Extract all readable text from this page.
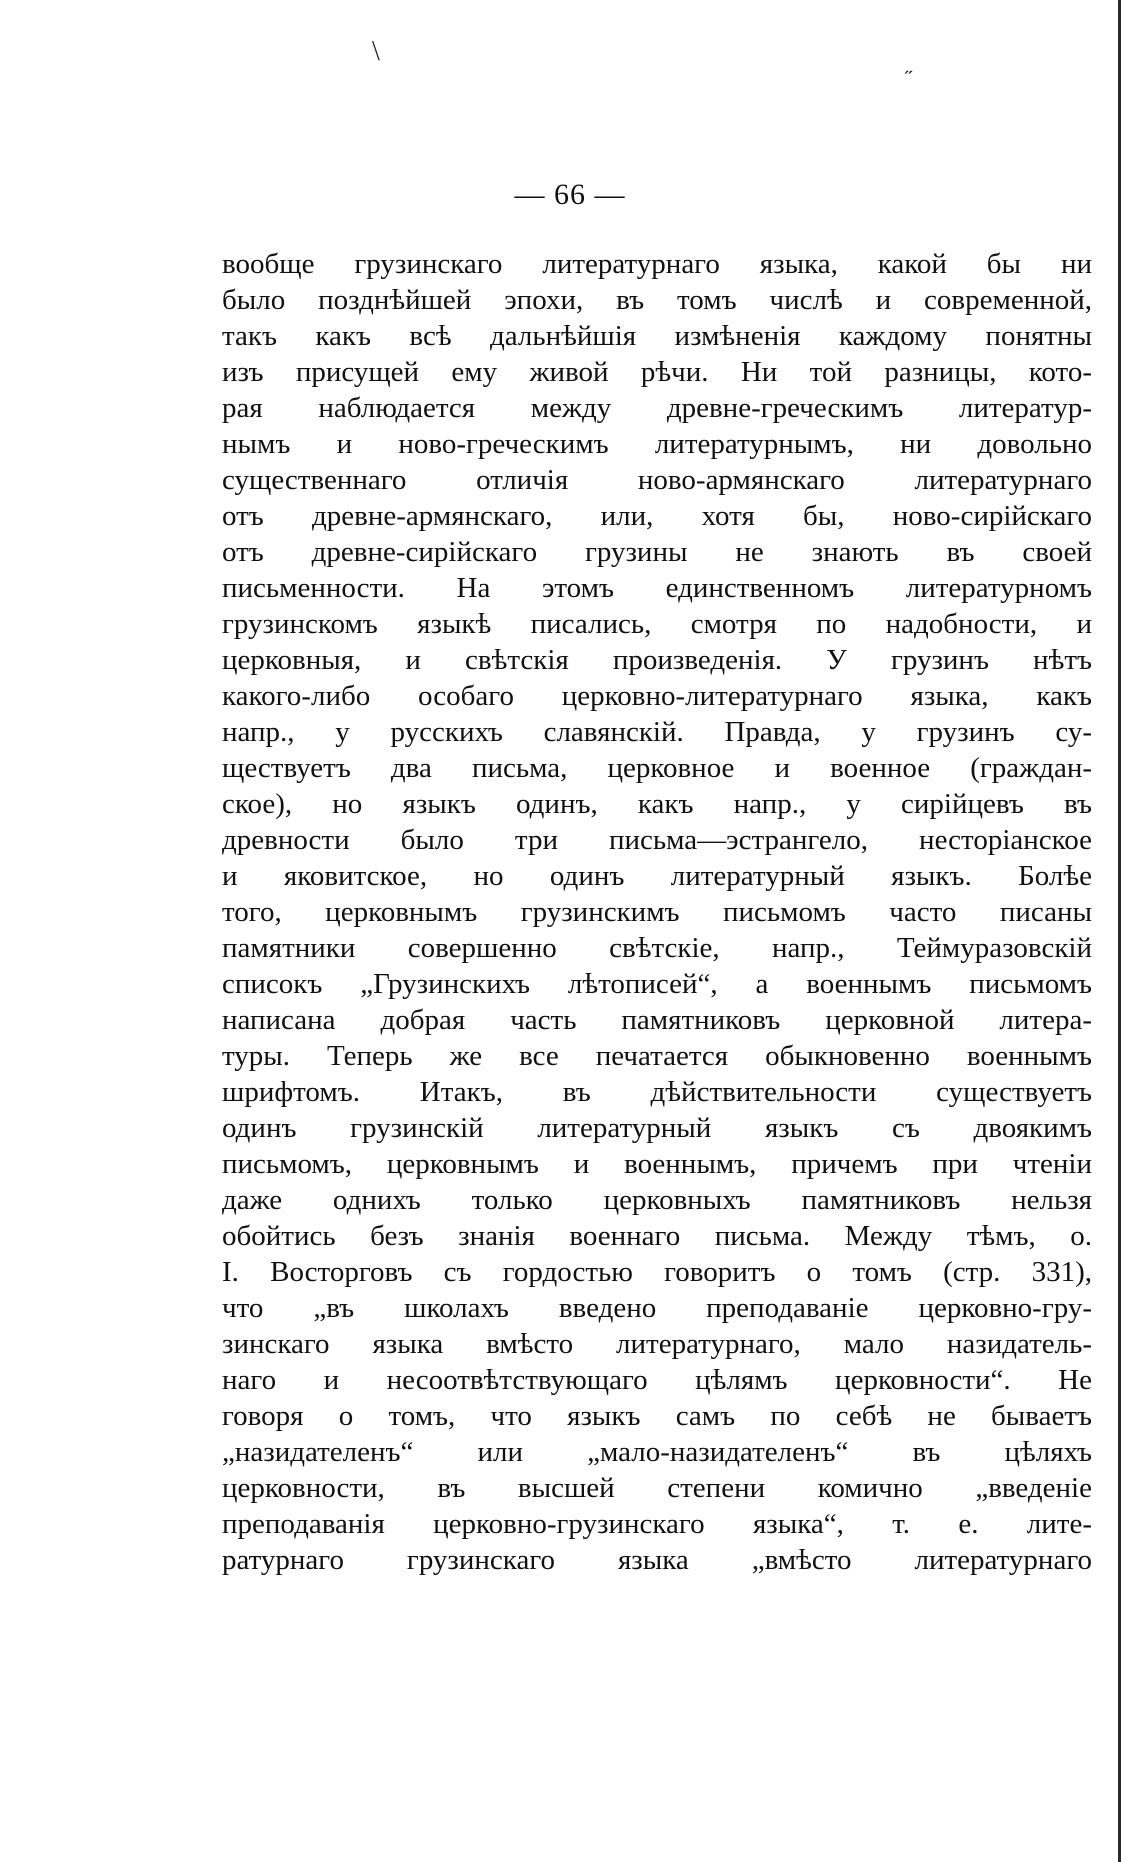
\
˶
— 66 —
вообще грузинскаго литературнаго языка, какой бы ни
было позднѣйшей эпохи, въ томъ числѣ и современной,
такъ какъ всѣ дальнѣйшія измѣненія каждому понятны
изъ присущей ему живой рѣчи. Ни той разницы, кото-
рая наблюдается между древне-греческимъ литератур-
нымъ и ново-греческимъ литературнымъ, ни довольно
существеннаго отличія ново-армянскаго литературнаго
отъ древне-армянскаго, или, хотя бы, ново-сирійскаго
отъ древне-сирійскаго грузины не знають въ своей
письменности. На этомъ единственномъ литературномъ
грузинскомъ языкѣ писались, смотря по надобности, и
церковныя, и свѣтскія произведенія. У грузинъ нѣтъ
какого-либо особаго церковно-литературнаго языка, какъ
напр., у русскихъ славянскій. Правда, у грузинъ су-
ществуетъ два письма, церковное и военное (граждан-
ское), но языкъ одинъ, какъ напр., у сирійцевъ въ
древности было три письма—эстрангело, несторіанское
и яковитское, но одинъ литературный языкъ. Болѣе
того, церковнымъ грузинскимъ письмомъ часто писаны
памятники совершенно свѣтскіе, напр., Теймуразовскій
списокъ „Грузинскихъ лѣтописей“, а военнымъ письмомъ
написана добрая часть памятниковъ церковной литера-
туры. Теперь же все печатается обыкновенно военнымъ
шрифтомъ. Итакъ, въ дѣйствительности существуетъ
одинъ грузинскій литературный языкъ съ двоякимъ
письмомъ, церковнымъ и военнымъ, причемъ при чтеніи
даже однихъ только церковныхъ памятниковъ нельзя
обойтись безъ знанія военнаго письма. Между тѣмъ, о.
І. Восторговъ съ гордостью говоритъ о томъ (стр. 331),
что „въ школахъ введено преподаваніе церковно-гру-
зинскаго языка вмѣсто литературнаго, мало назидатель-
наго и несоотвѣтствующаго цѣлямъ церковности“. Не
говоря о томъ, что языкъ самъ по себѣ не бываетъ
„назидателенъ“ или „мало-назидателенъ“ въ цѣляхъ
церковности, въ высшей степени комично „введеніе
преподаванія церковно-грузинскаго языка“, т. е. лите-
ратурнаго грузинскаго языка „вмѣсто литературнаго
